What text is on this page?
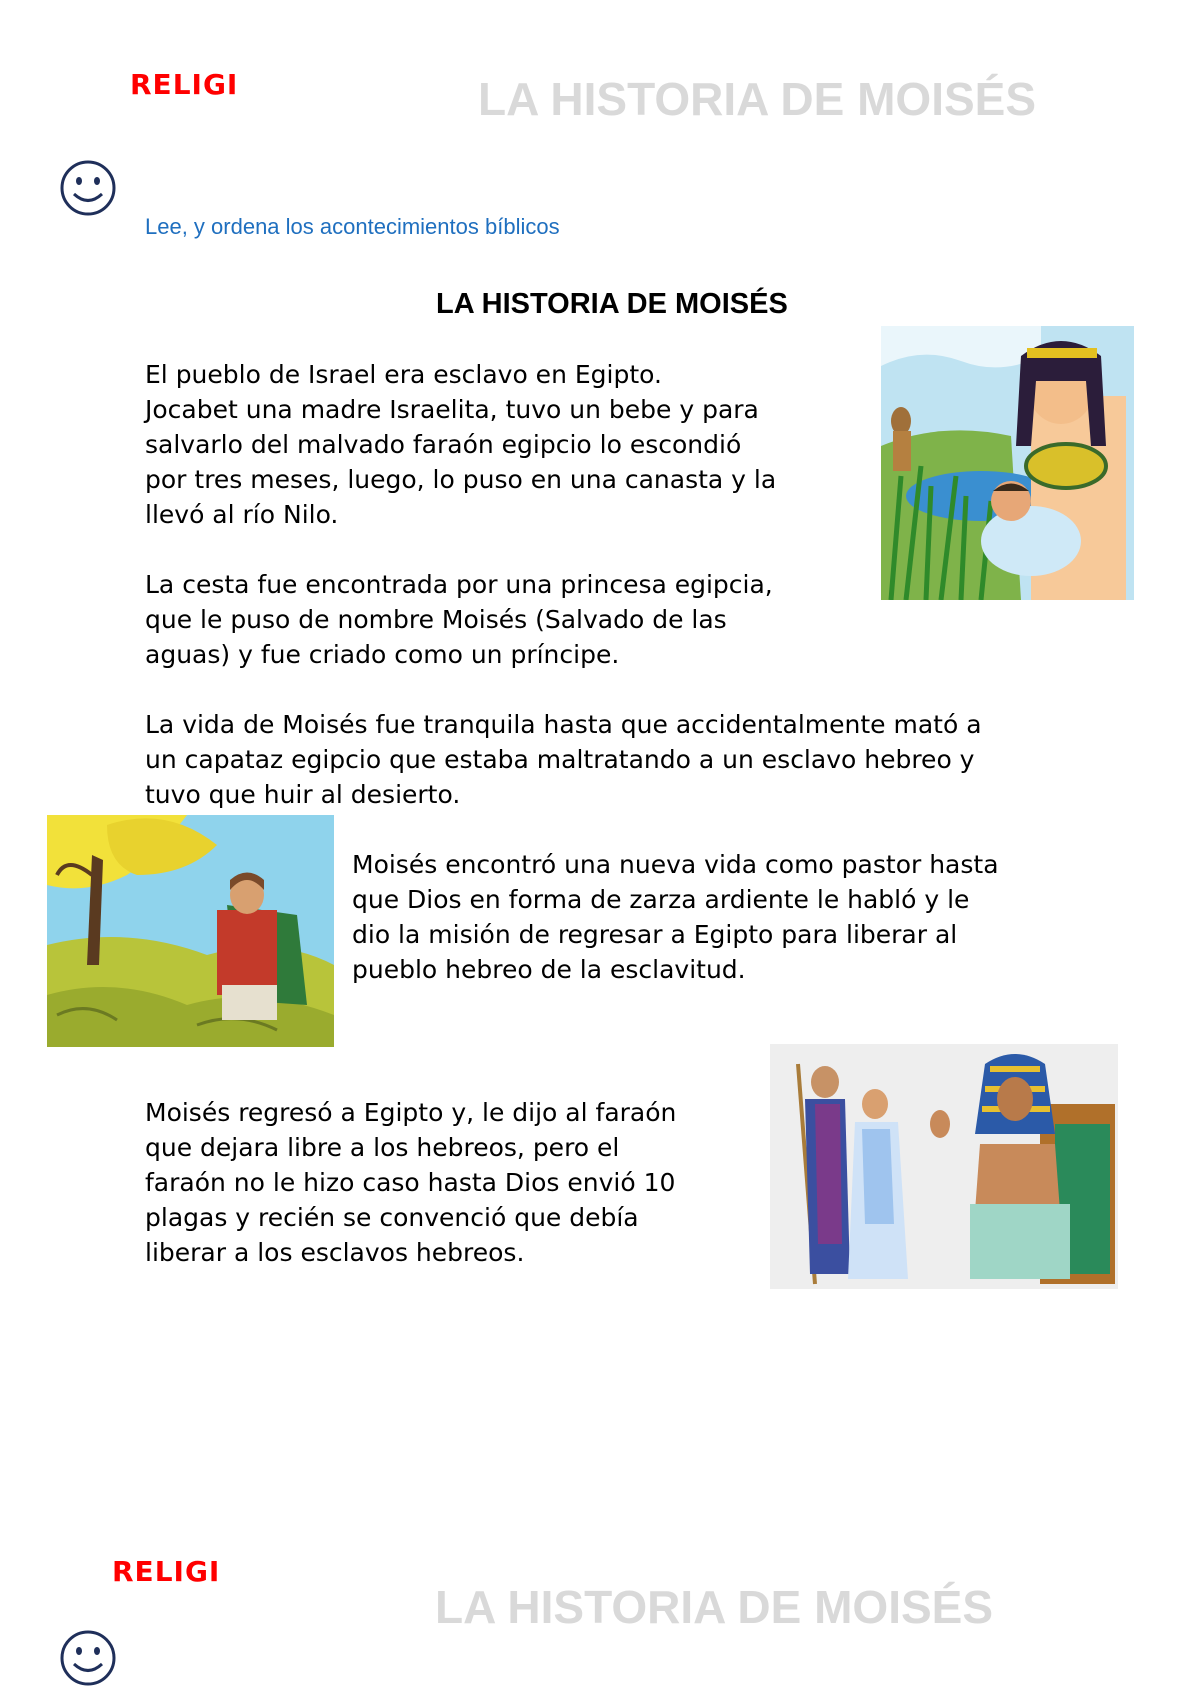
RELIGI	LA HISTORIA DE MOISÉS
Lee, y ordena los acontecimientos bíblicos
LA HISTORIA DE MOISÉS
El pueblo de Israel era esclavo en Egipto.
Jocabet una madre Israelita, tuvo un bebe y para
salvarlo del malvado faraón egipcio lo escondió
por tres meses, luego, lo puso en una canasta y la
llevó al río Nilo.
La cesta fue encontrada por una princesa egipcia,
que le puso de nombre Moisés (Salvado de las
aguas) y fue criado como un príncipe.
La vida de Moisés fue tranquila hasta que accidentalmente mató a
un capataz egipcio que estaba maltratando a un esclavo hebreo y
tuvo que huir al desierto.
Moisés encontró una nueva vida como pastor hasta
que Dios en forma de zarza ardiente le habló y le
dio la misión de regresar a Egipto para liberar al
pueblo hebreo de la esclavitud.
Moisés regresó a Egipto y, le dijo al faraón
que dejara libre a los hebreos, pero el
faraón no le hizo caso hasta Dios envió 10
plagas y recién se convenció que debía
liberar a los esclavos hebreos.
RELIGI
LA HISTORIA DE MOISÉS
